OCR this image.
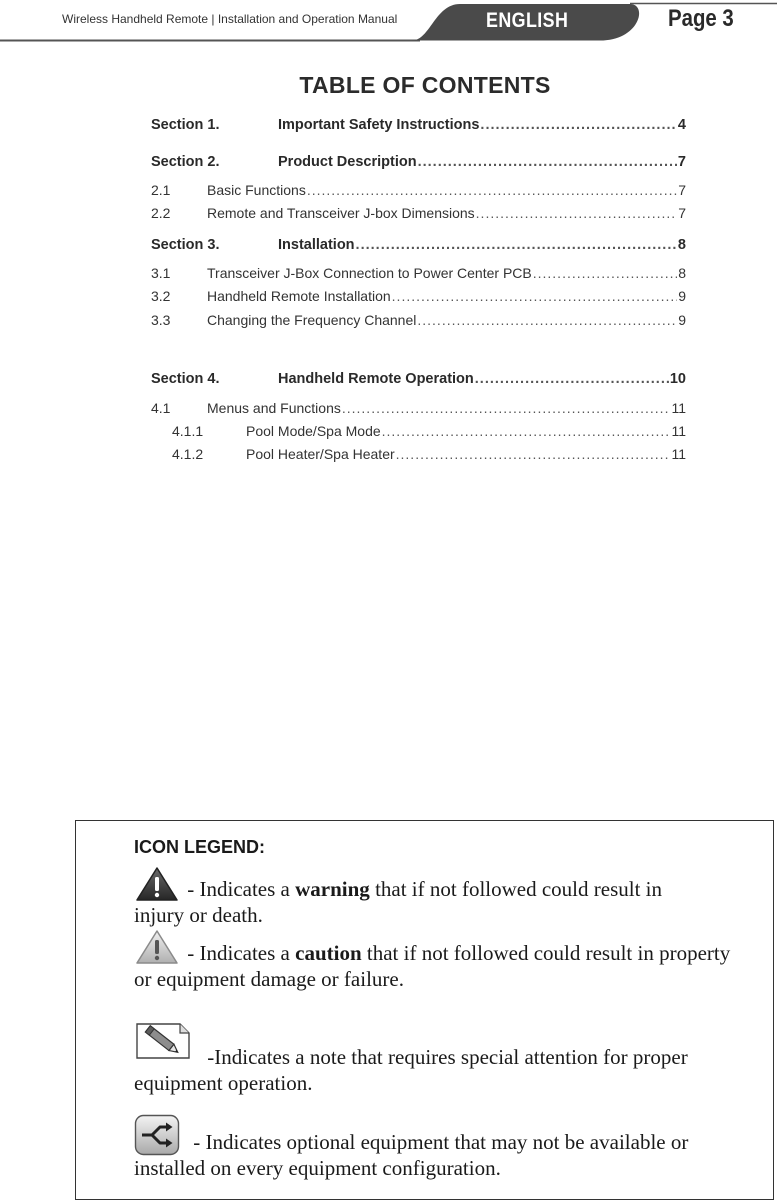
Wireless Handheld Remote | Installation and Operation Manual	ENGLISH	Page 3
TABLE OF CONTENTS
Section 1.	Important Safety Instructions .....	4
Section 2.	Product Description .....	7
2.1	Basic Functions .....	7
2.2	Remote and Transceiver J-box Dimensions .....	7
Section 3.	Installation .....	8
3.1	Transceiver J-Box Connection to Power Center PCB .....	8
3.2	Handheld Remote Installation .....	9
3.3	Changing the Frequency Channel .....	9
Section 4.	Handheld Remote Operation .....	10
4.1	Menus and Functions .....	11
4.1.1	Pool Mode/Spa Mode .....	11
4.1.2	Pool Heater/Spa Heater .....	11
ICON LEGEND:
- Indicates a warning that if not followed could result in injury or death.
- Indicates a caution that if not followed could result in property or equipment damage or failure.
-Indicates a note that requires special attention for proper equipment operation.
- Indicates optional equipment that may not be available or installed on every equipment configuration.
